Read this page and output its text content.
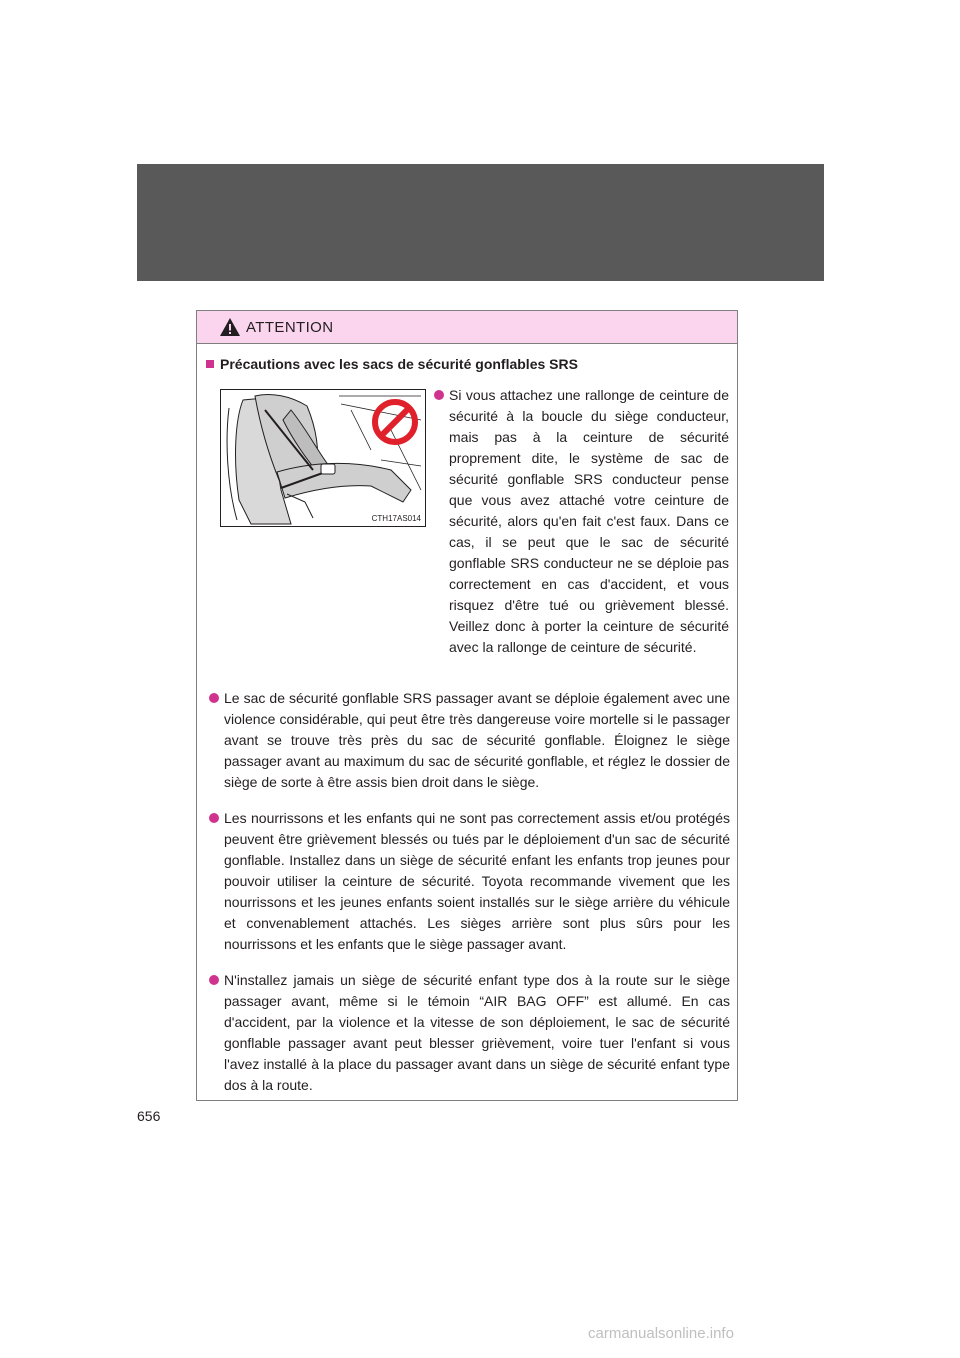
ATTENTION
Précautions avec les sacs de sécurité gonflables SRS
CTH17AS014
Si vous attachez une rallonge de ceinture de sécurité à la boucle du siège conducteur, mais pas à la ceinture de sécurité proprement dite, le système de sac de sécurité gonflable SRS conducteur pense que vous avez attaché votre ceinture de sécurité, alors qu'en fait c'est faux. Dans ce cas, il se peut que le sac de sécurité gonflable SRS conducteur ne se déploie pas correctement en cas d'accident, et vous risquez d'être tué ou grièvement blessé. Veillez donc à porter la ceinture de sécurité avec la rallonge de ceinture de sécurité.
Le sac de sécurité gonflable SRS passager avant se déploie également avec une violence considérable, qui peut être très dangereuse voire mortelle si le passager avant se trouve très près du sac de sécurité gonflable. Éloignez le siège passager avant au maximum du sac de sécurité gonflable, et réglez le dossier de siège de sorte à être assis bien droit dans le siège.
Les nourrissons et les enfants qui ne sont pas correctement assis et/ou protégés peuvent être grièvement blessés ou tués par le déploiement d'un sac de sécurité gonflable. Installez dans un siège de sécurité enfant les enfants trop jeunes pour pouvoir utiliser la ceinture de sécurité. Toyota recommande vivement que les nourrissons et les jeunes enfants soient installés sur le siège arrière du véhicule et convenablement attachés. Les sièges arrière sont plus sûrs pour les nourrissons et les enfants que le siège passager avant.
N'installez jamais un siège de sécurité enfant type dos à la route sur le siège passager avant, même si le témoin “AIR BAG OFF” est allumé. En cas d'accident, par la violence et la vitesse de son déploiement, le sac de sécurité gonflable passager avant peut blesser grièvement, voire tuer l'enfant si vous l'avez installé à la place du passager avant dans un siège de sécurité enfant type dos à la route.
656
carmanualsonline.info
